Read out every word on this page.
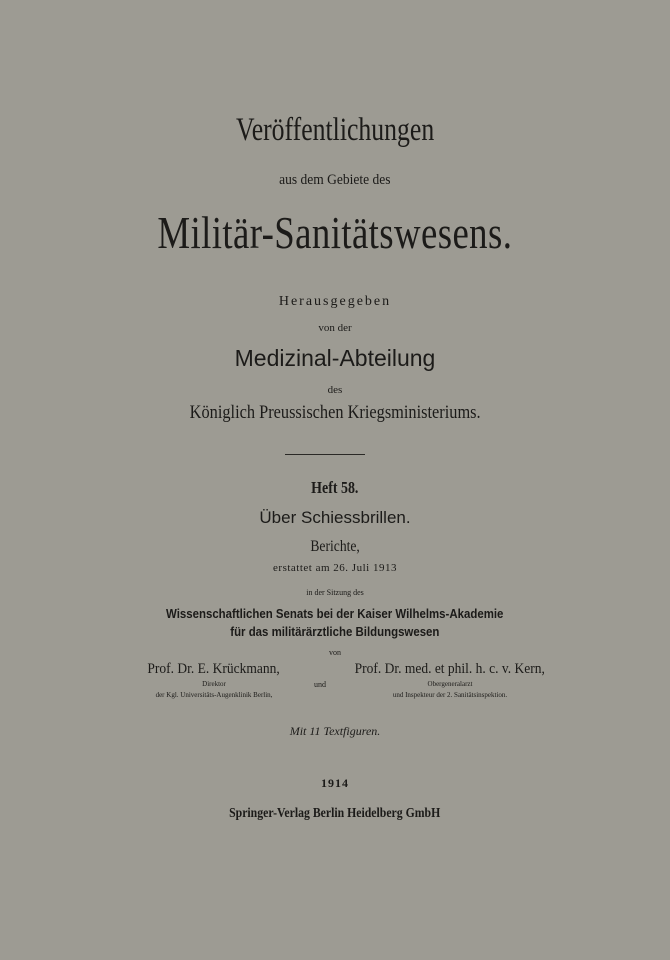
Veröffentlichungen
aus dem Gebiete des
Militär-Sanitätswesens.
Herausgegeben
von der
Medizinal-Abteilung
des
Königlich Preussischen Kriegsministeriums.
Heft 58.
Über Schiessbrillen.
Berichte,
erstattet am 26. Juli 1913
in der Sitzung des
Wissenschaftlichen Senats bei der Kaiser Wilhelms-Akademie
für das militärärztliche Bildungswesen
von
Prof. Dr. E. Krückmann,
Direktor
der Kgl. Universitäts-Augenklinik Berlin,
und
Prof. Dr. med. et phil. h. c. v. Kern,
Obergeneralarzt
und Inspekteur der 2. Sanitätsinspektion.
Mit 11 Textfiguren.
1914
Springer-Verlag Berlin Heidelberg GmbH
